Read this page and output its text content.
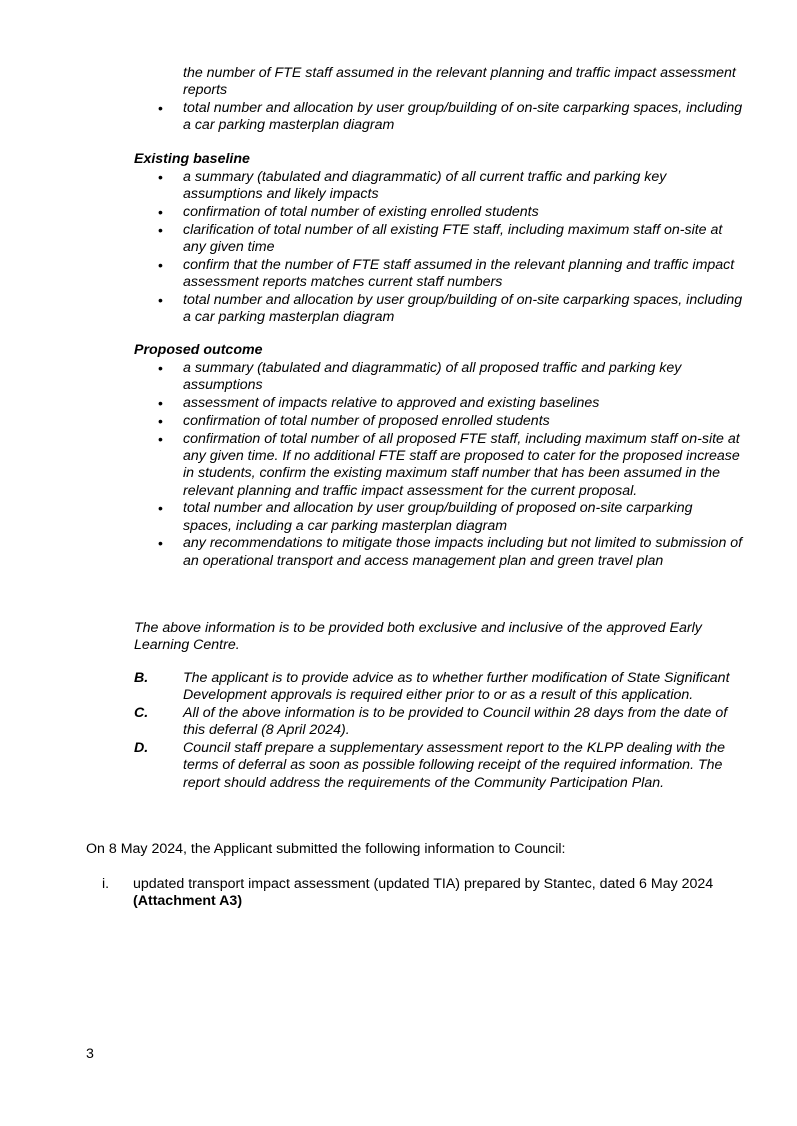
the number of FTE staff assumed in the relevant planning and traffic impact assessment reports
• total number and allocation by user group/building of on-site carparking spaces, including a car parking masterplan diagram
Existing baseline
• a summary (tabulated and diagrammatic) of all current traffic and parking key assumptions and likely impacts
• confirmation of total number of existing enrolled students
• clarification of total number of all existing FTE staff, including maximum staff on-site at any given time
• confirm that the number of FTE staff assumed in the relevant planning and traffic impact assessment reports matches current staff numbers
• total number and allocation by user group/building of on-site carparking spaces, including a car parking masterplan diagram
Proposed outcome
• a summary (tabulated and diagrammatic) of all proposed traffic and parking key assumptions
• assessment of impacts relative to approved and existing baselines
• confirmation of total number of proposed enrolled students
• confirmation of total number of all proposed FTE staff, including maximum staff on-site at any given time. If no additional FTE staff are proposed to cater for the proposed increase in students, confirm the existing maximum staff number that has been assumed in the relevant planning and traffic impact assessment for the current proposal.
• total number and allocation by user group/building of proposed on-site carparking spaces, including a car parking masterplan diagram
• any recommendations to mitigate those impacts including but not limited to submission of an operational transport and access management plan and green travel plan
The above information is to be provided both exclusive and inclusive of the approved Early Learning Centre.
B. The applicant is to provide advice as to whether further modification of State Significant Development approvals is required either prior to or as a result of this application.
C. All of the above information is to be provided to Council within 28 days from the date of this deferral (8 April 2024).
D. Council staff prepare a supplementary assessment report to the KLPP dealing with the terms of deferral as soon as possible following receipt of the required information. The report should address the requirements of the Community Participation Plan.
On 8 May 2024, the Applicant submitted the following information to Council:
i.	updated transport impact assessment (updated TIA) prepared by Stantec, dated 6 May 2024 (Attachment A3)
3
